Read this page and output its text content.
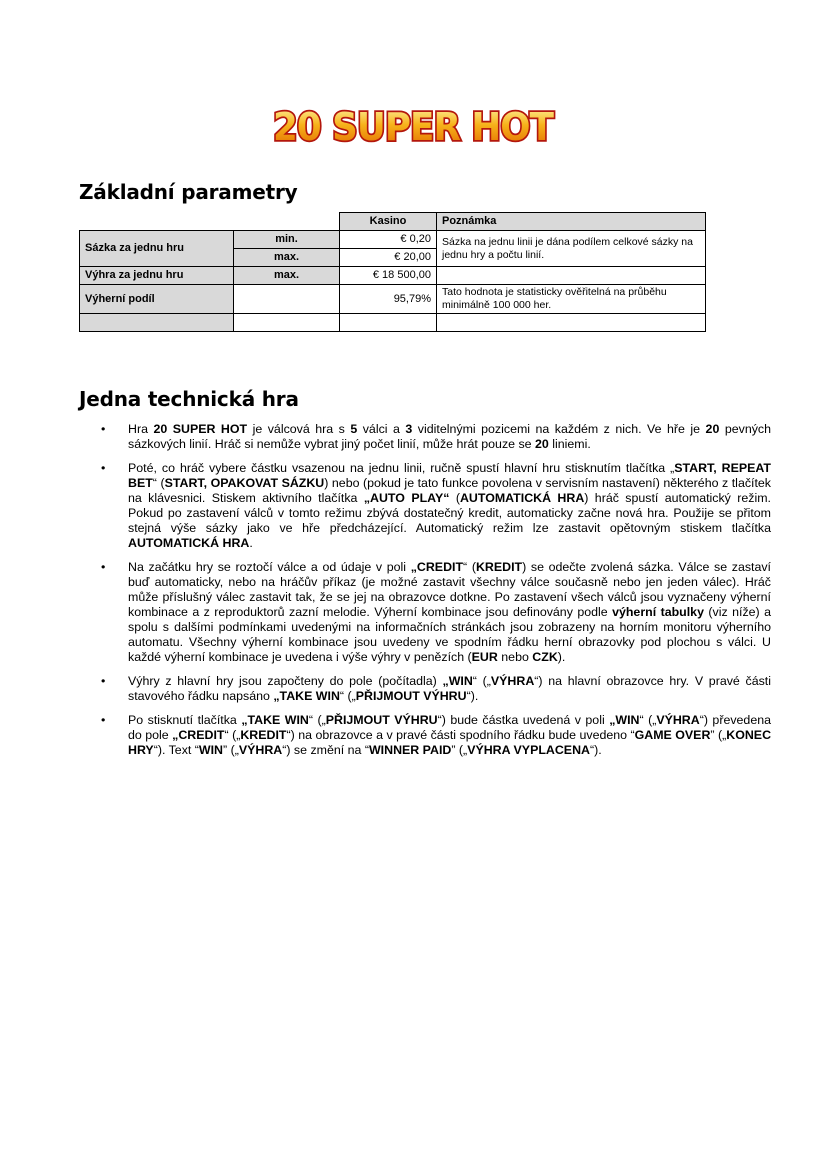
20 SUPER HOT
Základní parametry
		Kasino	Poznámka
Sázka za jednu hru	min.	€ 0,20	Sázka na jednu linii je dána podílem celkové sázky na jednu hry a počtu linií.
	max.	€ 20,00	
Výhra za jednu hru	max.	€ 18 500,00	
Výherní podíl		95,79%	Tato hodnota je statisticky ověřitelná na průběhu minimálně 100 000 her.

Jedna technická hra
• Hra 20 SUPER HOT je válcová hra s 5 válci a 3 viditelnými pozicemi na každém z nich. Ve hře je 20 pevných sázkových linií. Hráč si nemůže vybrat jiný počet linií, může hrát pouze se 20 liniemi.
• Poté, co hráč vybere částku vsazenou na jednu linii, ručně spustí hlavní hru stisknutím tlačítka „START, REPEAT BET“ (START, OPAKOVAT SÁZKU) nebo (pokud je tato funkce povolena v servisním nastavení) některého z tlačítek na klávesnici. Stiskem aktivního tlačítka „AUTO PLAY“ (AUTOMATICKÁ HRA) hráč spustí automatický režim. Pokud po zastavení válců v tomto režimu zbývá dostatečný kredit, automaticky začne nová hra. Použije se přitom stejná výše sázky jako ve hře předcházející. Automatický režim lze zastavit opětovným stiskem tlačítka AUTOMATICKÁ HRA.
• Na začátku hry se roztočí válce a od údaje v poli „CREDIT“ (KREDIT) se odečte zvolená sázka. Válce se zastaví buď automaticky, nebo na hráčův příkaz (je možné zastavit všechny válce současně nebo jen jeden válec). Hráč může příslušný válec zastavit tak, že se jej na obrazovce dotkne. Po zastavení všech válců jsou vyznačeny výherní kombinace a z reproduktorů zazní melodie. Výherní kombinace jsou definovány podle výherní tabulky (viz níže) a spolu s dalšími podmínkami uvedenými na informačních stránkách jsou zobrazeny na horním monitoru výherního automatu. Všechny výherní kombinace jsou uvedeny ve spodním řádku herní obrazovky pod plochou s válci. U každé výherní kombinace je uvedena i výše výhry v penězích (EUR nebo CZK).
• Výhry z hlavní hry jsou započteny do pole (počítadla) „WIN“ („VÝHRA“) na hlavní obrazovce hry. V pravé části stavového řádku napsáno „TAKE WIN“ („PŘIJMOUT VÝHRU“).
• Po stisknutí tlačítka „TAKE WIN“ („PŘIJMOUT VÝHRU“) bude částka uvedená v poli „WIN“ („VÝHRA“) převedena do pole „CREDIT“ („KREDIT“) na obrazovce a v pravé části spodního řádku bude uvedeno “GAME OVER” („KONEC HRY“). Text “WIN” („VÝHRA“) se změní na “WINNER PAID” („VÝHRA VYPLACENA“).
